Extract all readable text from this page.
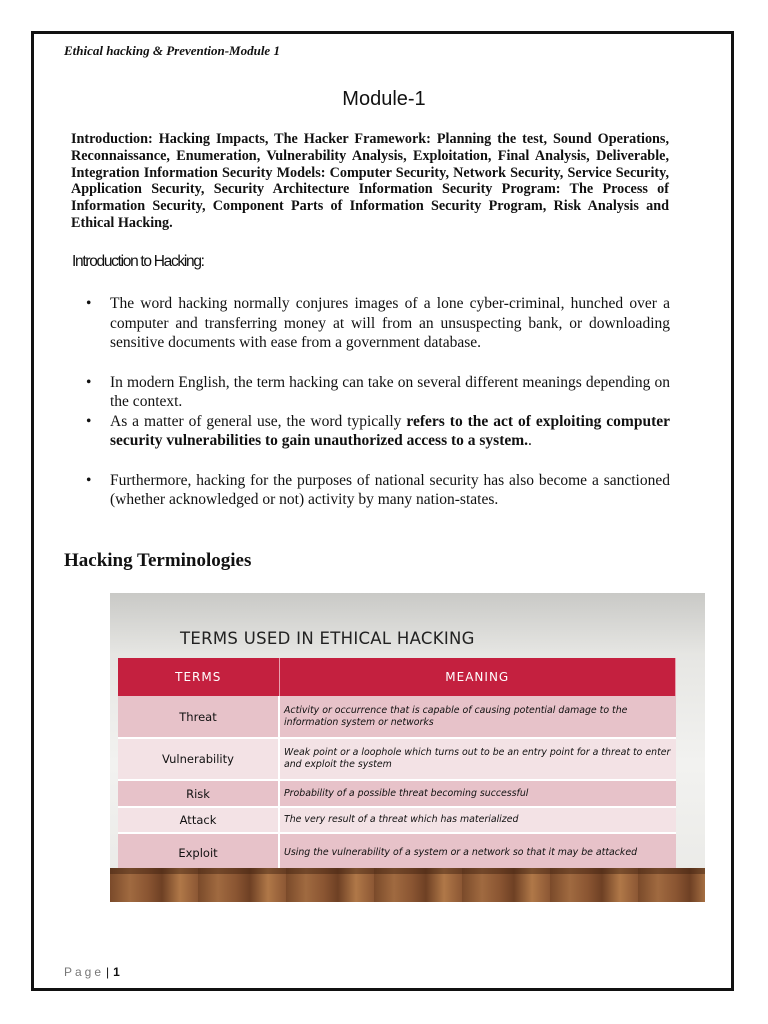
Ethical hacking & Prevention-Module 1
Module-1
Introduction: Hacking Impacts, The Hacker Framework: Planning the test, Sound Operations, Reconnaissance, Enumeration, Vulnerability Analysis, Exploitation, Final Analysis, Deliverable, Integration Information Security Models: Computer Security, Network Security, Service Security, Application Security, Security Architecture Information Security Program: The Process of Information Security, Component Parts of Information Security Program, Risk Analysis and Ethical Hacking.
Introduction to Hacking:
•	The word hacking normally conjures images of a lone cyber-criminal, hunched over a computer and transferring money at will from an unsuspecting bank, or downloading sensitive documents with ease from a government database.
•	In modern English, the term hacking can take on several different meanings depending on the context.
•	As a matter of general use, the word typically refers to the act of exploiting computer security vulnerabilities to gain unauthorized access to a system..
•	Furthermore, hacking for the purposes of national security has also become a sanctioned (whether acknowledged or not) activity by many nation-states.
Hacking Terminologies
TERMS USED IN ETHICAL HACKING
TERMS	MEANING
Threat	Activity or occurrence that is capable of causing potential damage to the information system or networks
Vulnerability	Weak point or a loophole which turns out to be an entry point for a threat to enter and exploit the system
Risk	Probability of a possible threat becoming successful
Attack	The very result of a threat which has materialized
Exploit	Using the vulnerability of a system or a network so that it may be attacked
Page | 1
